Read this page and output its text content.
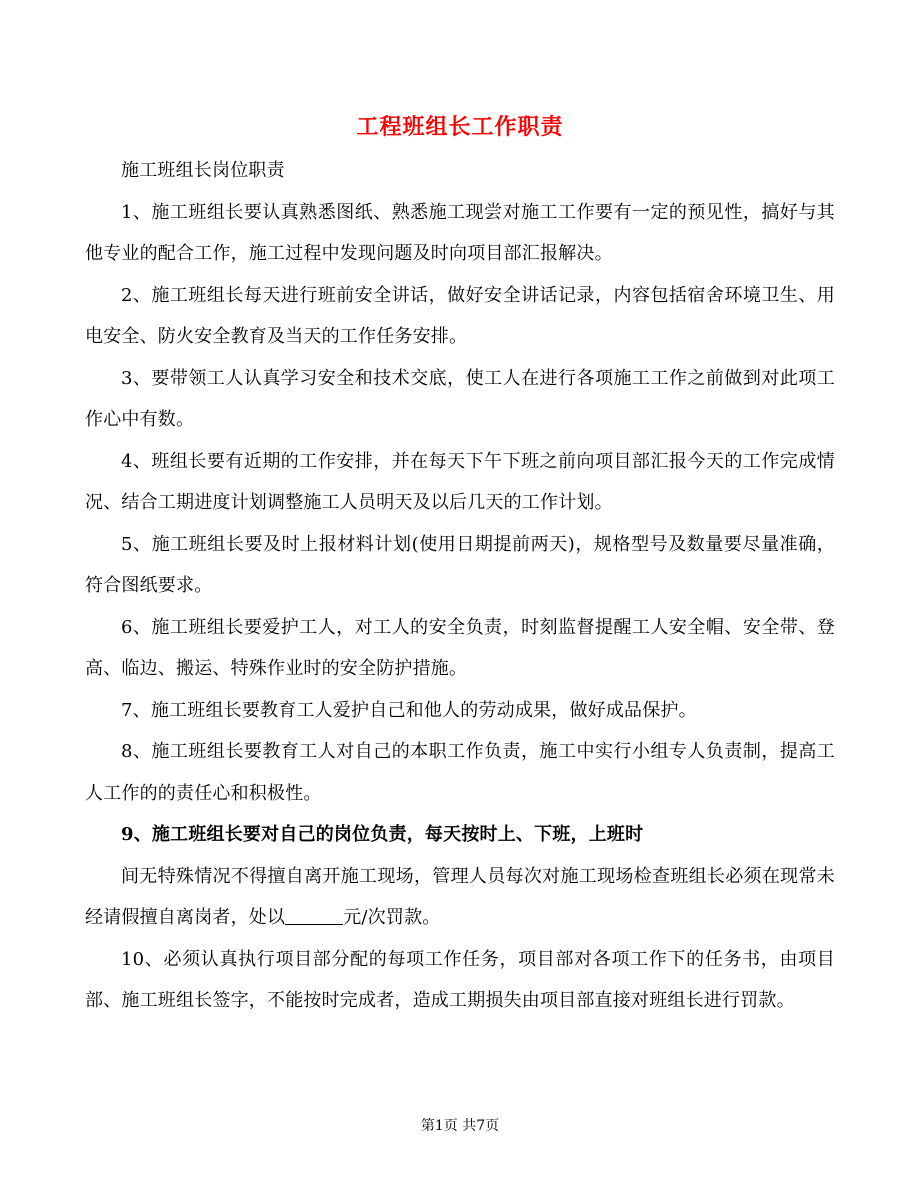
工程班组长工作职责

施工班组长岗位职责

1、施工班组长要认真熟悉图纸、熟悉施工现尝对施工工作要有一定的预见性，搞好与其他专业的配合工作，施工过程中发现问题及时向项目部汇报解决。

2、施工班组长每天进行班前安全讲话，做好安全讲话记录，内容包括宿舍环境卫生、用电安全、防火安全教育及当天的工作任务安排。

3、要带领工人认真学习安全和技术交底，使工人在进行各项施工工作之前做到对此项工作心中有数。

4、班组长要有近期的工作安排，并在每天下午下班之前向项目部汇报今天的工作完成情况、结合工期进度计划调整施工人员明天及以后几天的工作计划。

5、施工班组长要及时上报材料计划(使用日期提前两天)，规格型号及数量要尽量准确，符合图纸要求。

6、施工班组长要爱护工人，对工人的安全负责，时刻监督提醒工人安全帽、安全带、登高、临边、搬运、特殊作业时的安全防护措施。

7、施工班组长要教育工人爱护自己和他人的劳动成果，做好成品保护。

8、施工班组长要教育工人对自己的本职工作负责，施工中实行小组专人负责制，提高工人工作的的责任心和积极性。

9、施工班组长要对自己的岗位负责，每天按时上、下班，上班时

间无特殊情况不得擅自离开施工现场，管理人员每次对施工现场检查班组长必须在现常未经请假擅自离岗者，处以	元/次罚款。

10、必须认真执行项目部分配的每项工作任务，项目部对各项工作下的任务书，由项目部、施工班组长签字，不能按时完成者，造成工期损失由项目部直接对班组长进行罚款。

第1页 共7页
